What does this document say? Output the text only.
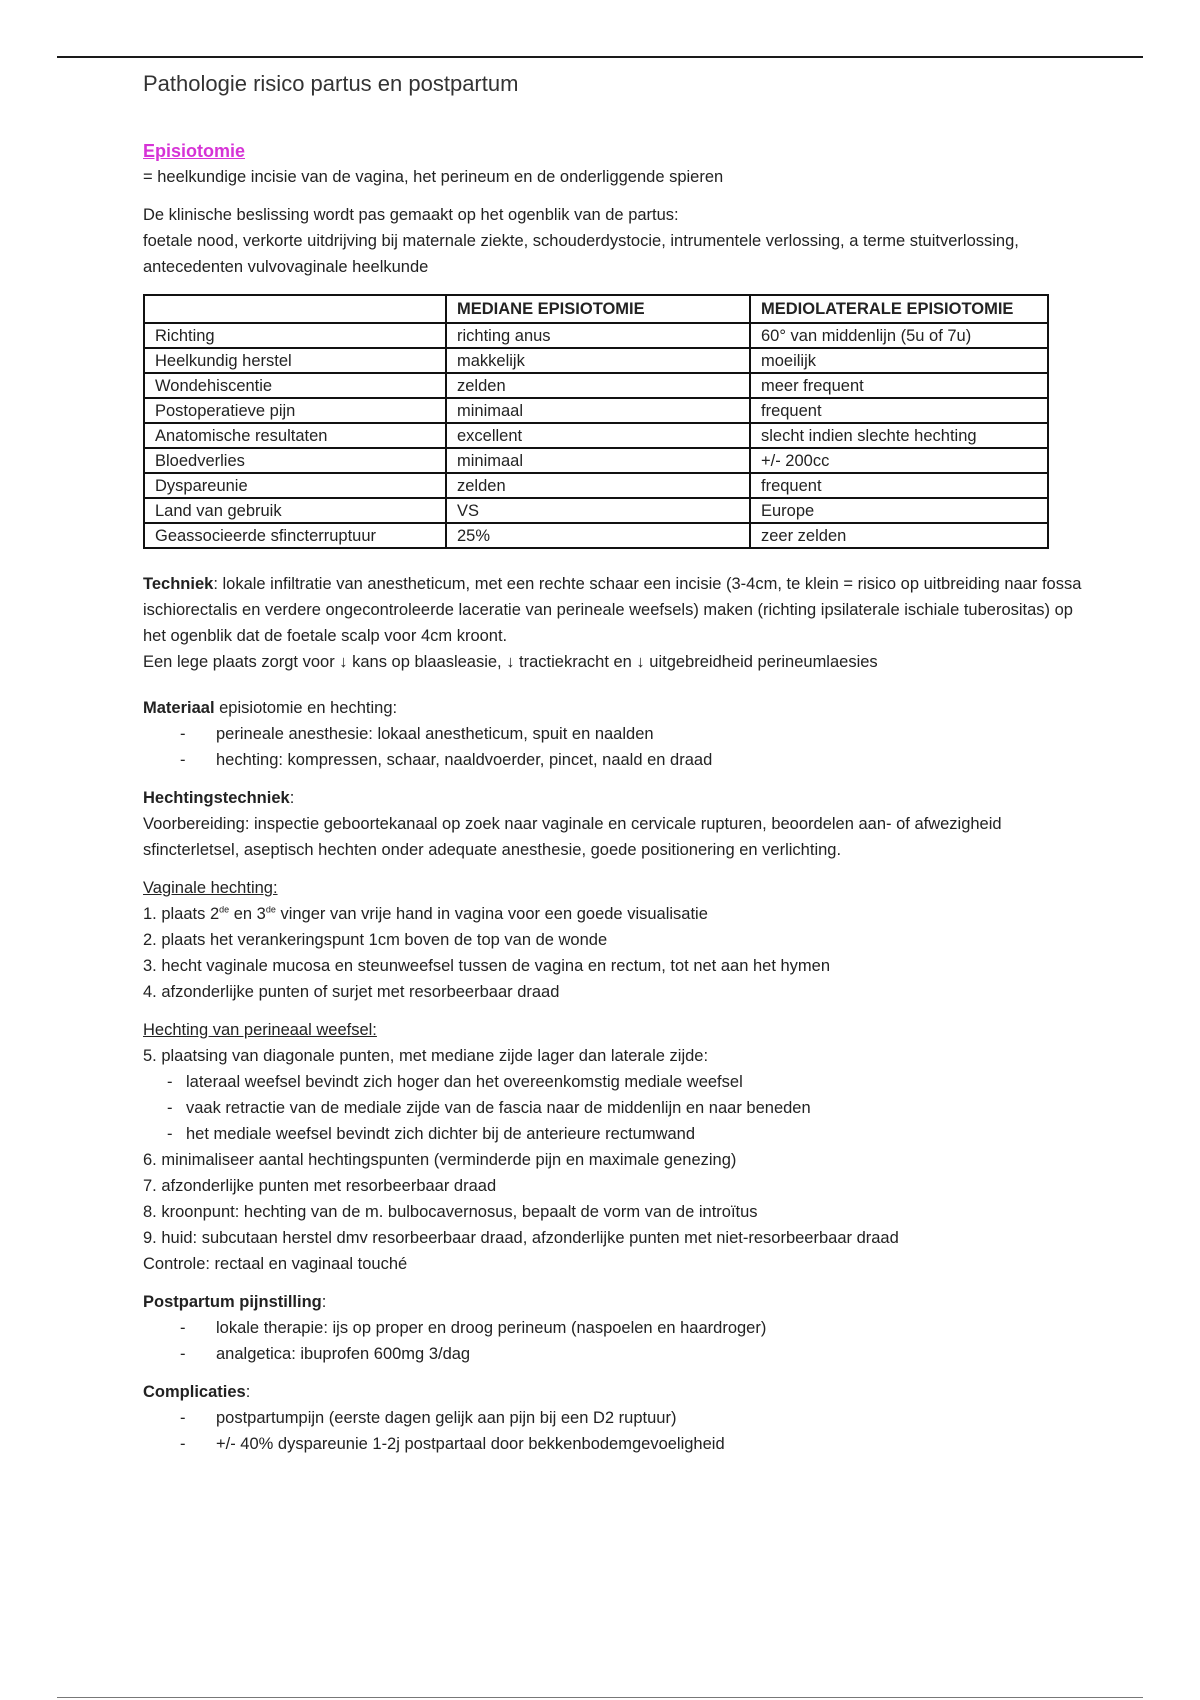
Pathologie risico partus en postpartum
Episiotomie

= heelkundige incisie van de vagina, het perineum en de onderliggende spieren

De klinische beslissing wordt pas gemaakt op het ogenblik van de partus:

foetale nood, verkorte uitdrijving bij maternale ziekte, schouderdystocie, intrumentele verlossing, a terme stuitverlossing, antecedenten vulvovaginale heelkunde

	MEDIANE EPISIOTOMIE	MEDIOLATERALE EPISIOTOMIE
Richting	richting anus	60° van middenlijn (5u of 7u)
Heelkundig herstel	makkelijk	moeilijk
Wondehiscentie	zelden	meer frequent
Postoperatieve pijn	minimaal	frequent
Anatomische resultaten	excellent	slecht indien slechte hechting
Bloedverlies	minimaal	+/- 200cc
Dyspareunie	zelden	frequent
Land van gebruik	VS	Europe
Geassocieerde sfincterruptuur	25%	zeer zelden

Techniek: lokale infiltratie van anestheticum, met een rechte schaar een incisie (3-4cm, te klein = risico op uitbreiding naar fossa ischiorectalis en verdere ongecontroleerde laceratie van perineale weefsels) maken (richting ipsilaterale ischiale tuberositas) op het ogenblik dat de foetale scalp voor 4cm kroont.

Een lege plaats zorgt voor ↓ kans op blaasleasie, ↓ tractiekracht en ↓ uitgebreidheid perineumlaesies

Materiaal episiotomie en hechting:

- perineale anesthesie: lokaal anestheticum, spuit en naalden
- hechting: kompressen, schaar, naaldvoerder, pincet, naald en draad

Hechtingstechniek:

Voorbereiding: inspectie geboortekanaal op zoek naar vaginale en cervicale rupturen, beoordelen aan- of afwezigheid sfincterletsel, aseptisch hechten onder adequate anesthesie, goede positionering en verlichting.

Vaginale hechting:

1. plaats 2de en 3de vinger van vrije hand in vagina voor een goede visualisatie

2. plaats het verankeringspunt 1cm boven de top van de wonde

3. hecht vaginale mucosa en steunweefsel tussen de vagina en rectum, tot net aan het hymen

4. afzonderlijke punten of surjet met resorbeerbaar draad

Hechting van perineaal weefsel:

5. plaatsing van diagonale punten, met mediane zijde lager dan laterale zijde:

- lateraal weefsel bevindt zich hoger dan het overeenkomstig mediale weefsel
- vaak retractie van de mediale zijde van de fascia naar de middenlijn en naar beneden
- het mediale weefsel bevindt zich dichter bij de anterieure rectumwand

6. minimaliseer aantal hechtingspunten (verminderde pijn en maximale genezing)

7. afzonderlijke punten met resorbeerbaar draad

8. kroonpunt: hechting van de m. bulbocavernosus, bepaalt de vorm van de introïtus

9. huid: subcutaan herstel dmv resorbeerbaar draad, afzonderlijke punten met niet-resorbeerbaar draad

Controle: rectaal en vaginaal touché

Postpartum pijnstilling:

- lokale therapie: ijs op proper en droog perineum (naspoelen en haardroger)
- analgetica: ibuprofen 600mg 3/dag

Complicaties:

- postpartumpijn (eerste dagen gelijk aan pijn bij een D2 ruptuur)
- +/- 40% dyspareunie 1-2j postpartaal door bekkenbodemgevoeligheid
